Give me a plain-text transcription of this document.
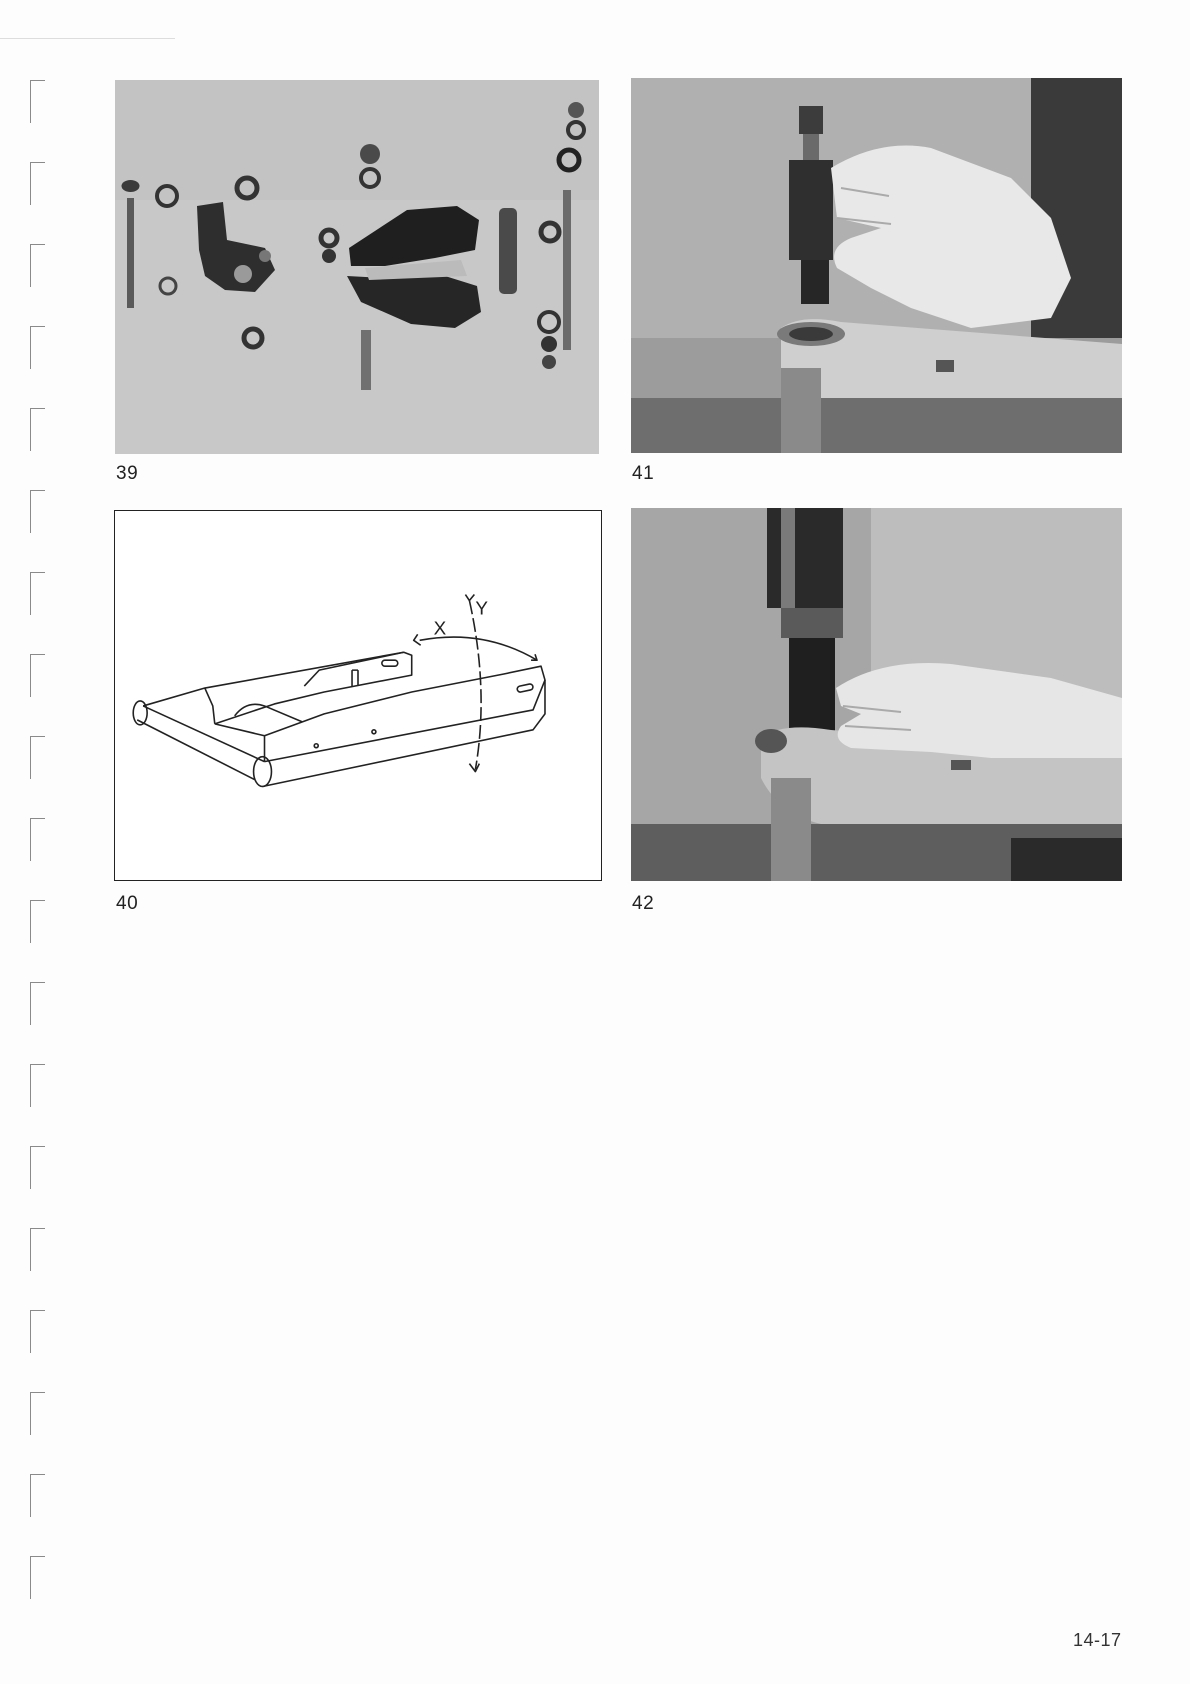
39	41
X
Y
40	42
14-17
